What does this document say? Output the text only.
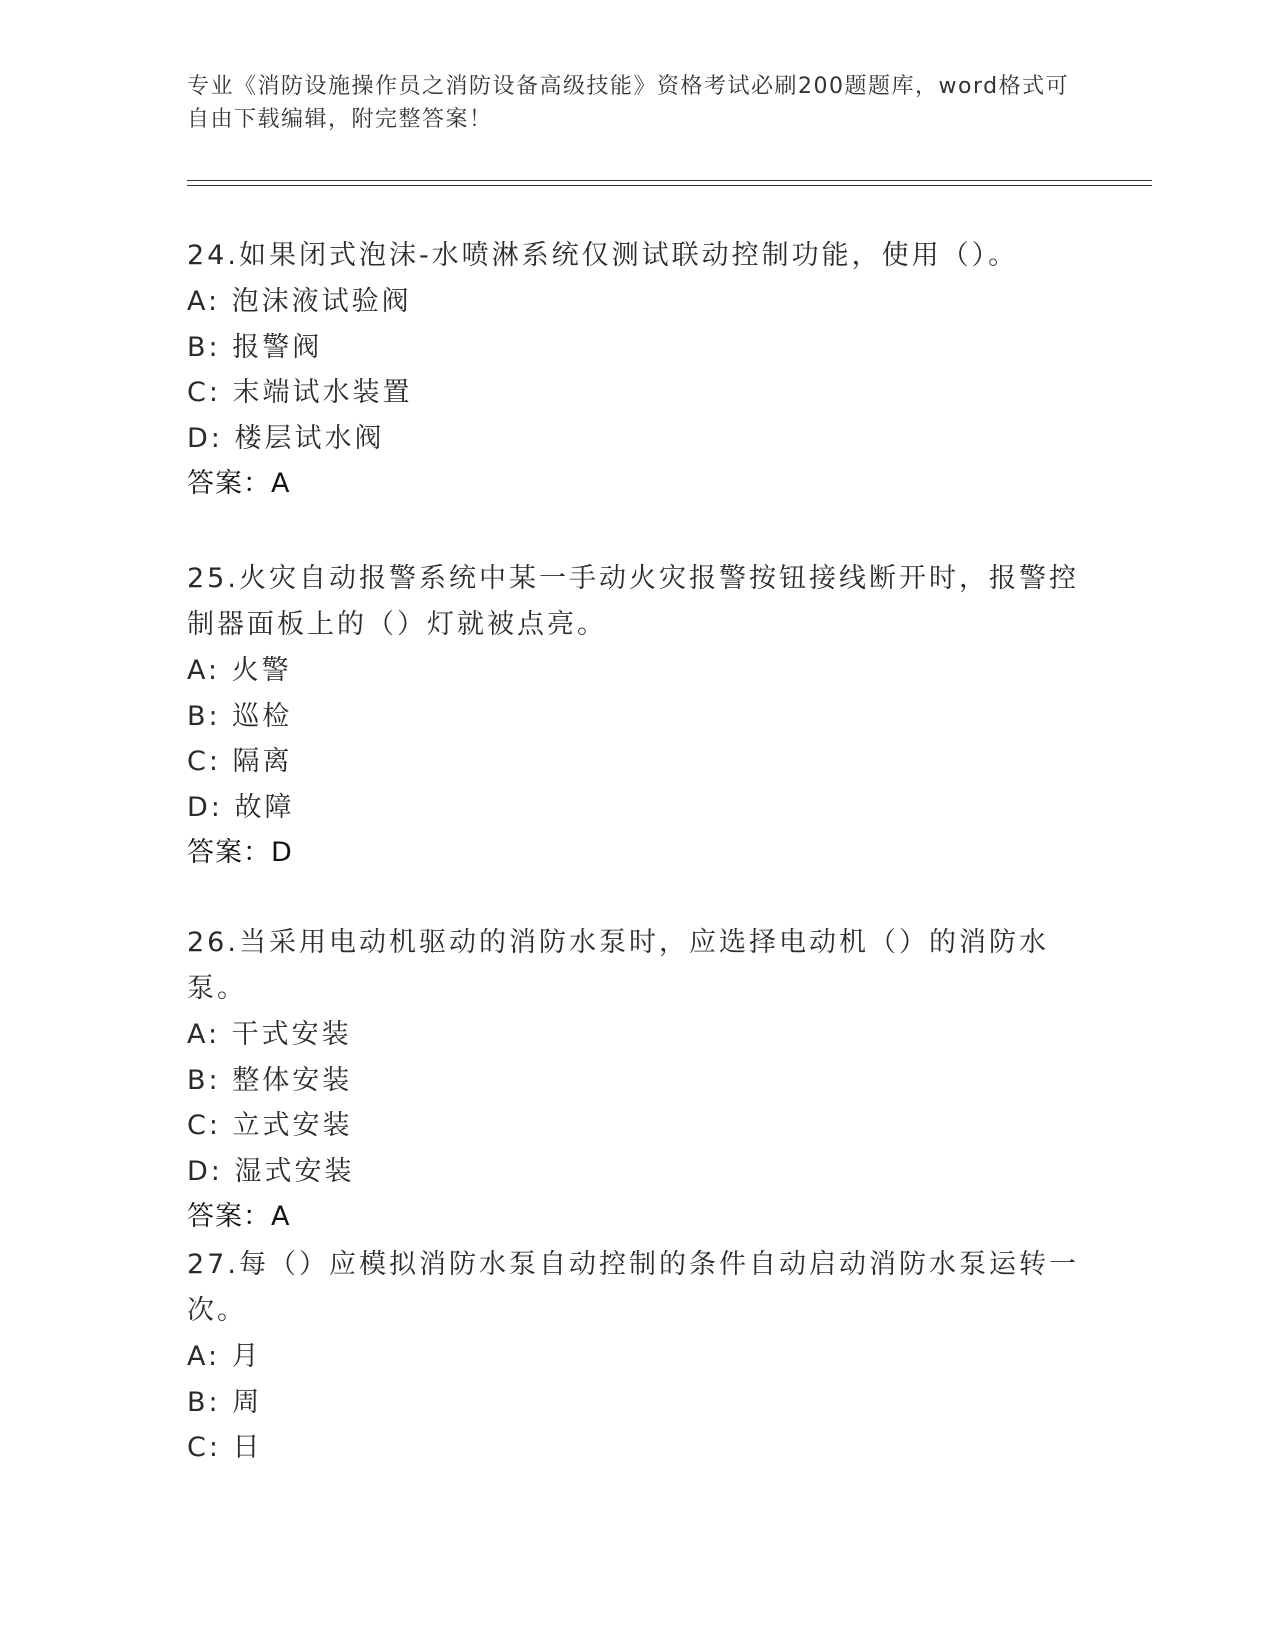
专业《消防设施操作员之消防设备高级技能》资格考试必刷200题题库，word格式可自由下载编辑，附完整答案！
24.如果闭式泡沫-水喷淋系统仅测试联动控制功能，使用（）。
A: 泡沫液试验阀
B: 报警阀
C: 末端试水装置
D: 楼层试水阀
答案：A
25.火灾自动报警系统中某一手动火灾报警按钮接线断开时，报警控制器面板上的（）灯就被点亮。
A: 火警
B: 巡检
C: 隔离
D: 故障
答案：D
26.当采用电动机驱动的消防水泵时，应选择电动机（）的消防水泵。
A: 干式安装
B: 整体安装
C: 立式安装
D: 湿式安装
答案：A
27.每（）应模拟消防水泵自动控制的条件自动启动消防水泵运转一次。
A: 月
B: 周
C: 日
